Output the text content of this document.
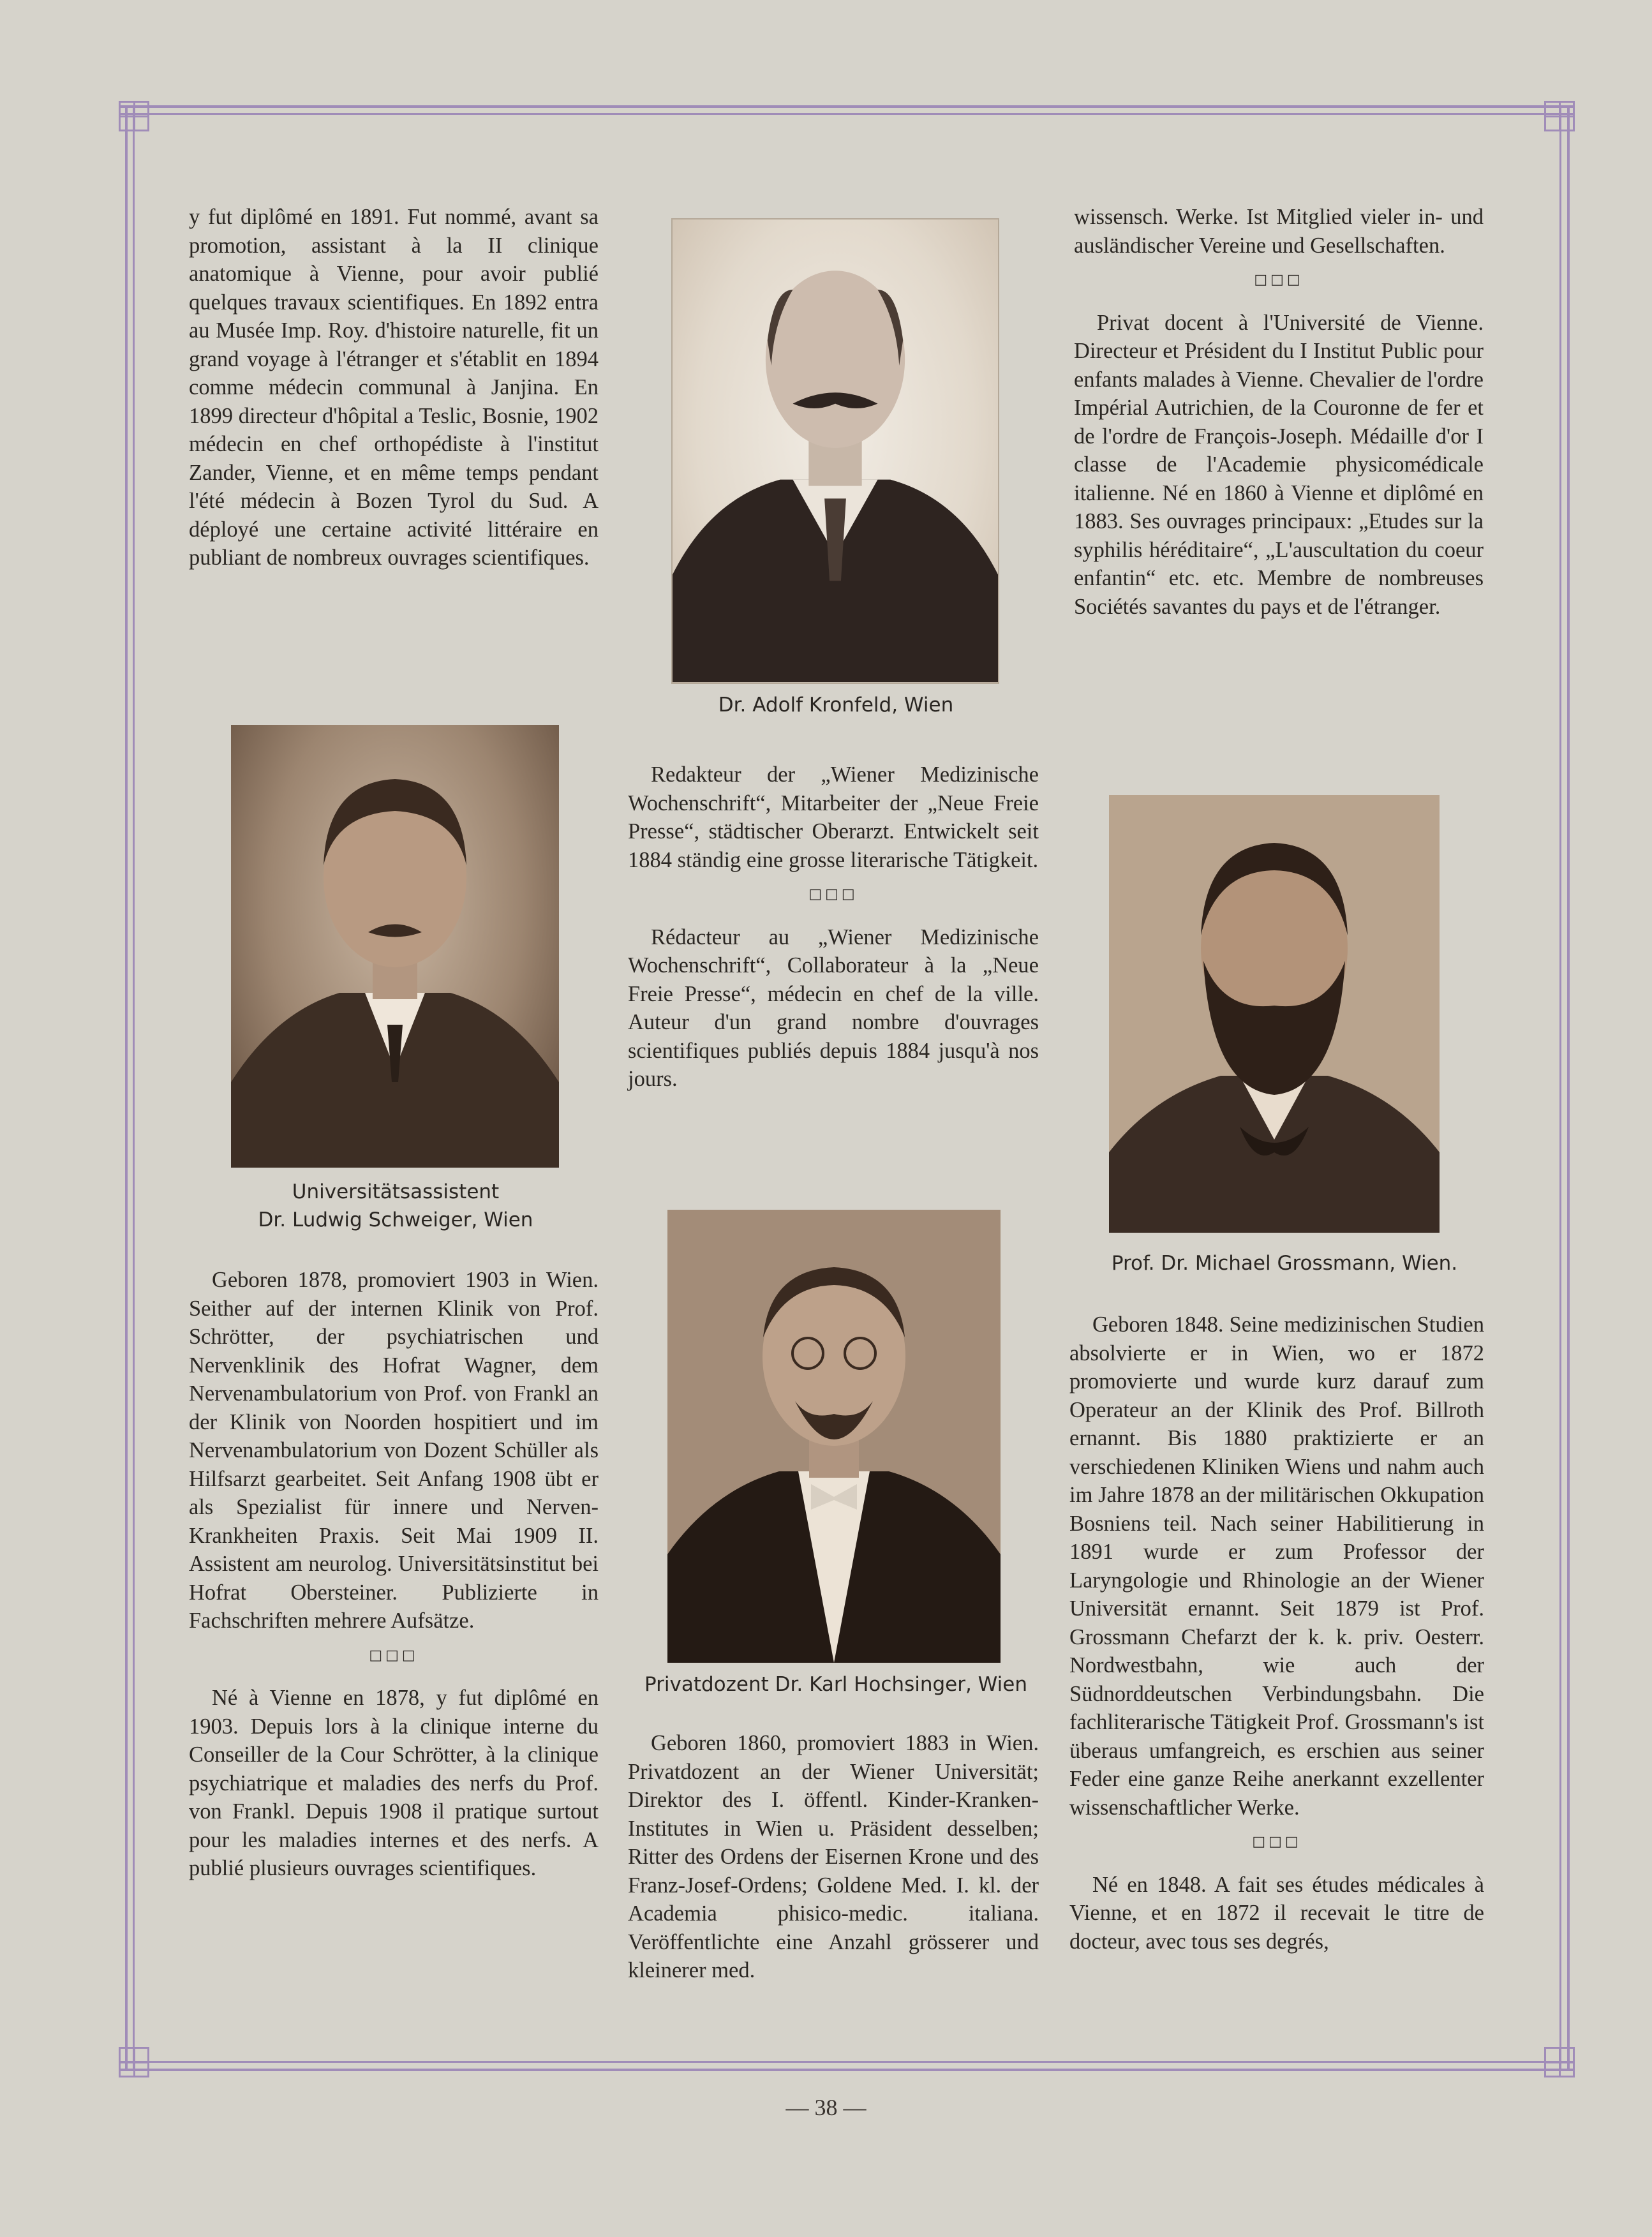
y fut diplômé en 1891. Fut nommé, avant sa promotion, assistant à la II clinique anatomique à Vienne, pour avoir publié quelques travaux scientifiques. En 1892 entra au Musée Imp. Roy. d'histoire naturelle, fit un grand voyage à l'étranger et s'établit en 1894 comme médecin communal à Janjina. En 1899 directeur d'hôpital a Teslic, Bosnie, 1902 médecin en chef orthopédiste à l'institut Zander, Vienne, et en même temps pendant l'été médecin à Bozen Tyrol du Sud. A déployé une certaine activité littéraire en publiant de nombreux ouvrages scientifiques.

Universitätsassistent
Dr. Ludwig Schweiger, Wien

Geboren 1878, promoviert 1903 in Wien. Seither auf der internen Klinik von Prof. Schrötter, der psychiatrischen und Nervenklinik des Hofrat Wagner, dem Nervenambulatorium von Prof. von Frankl an der Klinik von Noorden hospitiert und im Nervenambulatorium von Dozent Schüller als Hilfsarzt gearbeitet. Seit Anfang 1908 übt er als Spezialist für innere und Nerven-Krankheiten Praxis. Seit Mai 1909 II. Assistent am neurolog. Universitätsinstitut bei Hofrat Obersteiner. Publizierte in Fachschriften mehrere Aufsätze.

□□□

Né à Vienne en 1878, y fut diplômé en 1903. Depuis lors à la clinique interne du Conseiller de la Cour Schrötter, à la clinique psychiatrique et maladies des nerfs du Prof. von Frankl. Depuis 1908 il pratique surtout pour les maladies internes et des nerfs. A publié plusieurs ouvrages scientifiques.

Dr. Adolf Kronfeld, Wien

Redakteur der „Wiener Medizinische Wochenschrift“, Mitarbeiter der „Neue Freie Presse“, städtischer Oberarzt. Entwickelt seit 1884 ständig eine grosse literarische Tätigkeit.

□□□

Rédacteur au „Wiener Medizinische Wochenschrift“, Collaborateur à la „Neue Freie Presse“, médecin en chef de la ville. Auteur d'un grand nombre d'ouvrages scientifiques publiés depuis 1884 jusqu'à nos jours.

Privatdozent Dr. Karl Hochsinger, Wien

Geboren 1860, promoviert 1883 in Wien. Privatdozent an der Wiener Universität; Direktor des I. öffentl. Kinder-Kranken-Institutes in Wien u. Präsident desselben; Ritter des Ordens der Eisernen Krone und des Franz-Josef-Ordens; Goldene Med. I. kl. der Academia phisico-medic. italiana. Veröffentlichte eine Anzahl grösserer und kleinerer med.

wissensch. Werke. Ist Mitglied vieler in- und ausländischer Vereine und Gesellschaften.

□□□

Privat docent à l'Université de Vienne. Directeur et Président du I Institut Public pour enfants malades à Vienne. Chevalier de l'ordre Impérial Autrichien, de la Couronne de fer et de l'ordre de François-Joseph. Médaille d'or I classe de l'Academie physicomédicale italienne. Né en 1860 à Vienne et diplômé en 1883. Ses ouvrages principaux: „Etudes sur la syphilis héréditaire“, „L'auscultation du coeur enfantin“ etc. etc. Membre de nombreuses Sociétés savantes du pays et de l'étranger.

Prof. Dr. Michael Grossmann, Wien.

Geboren 1848. Seine medizinischen Studien absolvierte er in Wien, wo er 1872 promovierte und wurde kurz darauf zum Operateur an der Klinik des Prof. Billroth ernannt. Bis 1880 praktizierte er an verschiedenen Kliniken Wiens und nahm auch im Jahre 1878 an der militärischen Okkupation Bosniens teil. Nach seiner Habilitierung in 1891 wurde er zum Professor der Laryngologie und Rhinologie an der Wiener Universität ernannt. Seit 1879 ist Prof. Grossmann Chefarzt der k. k. priv. Oesterr. Nordwestbahn, wie auch der Südnorddeutschen Verbindungsbahn. Die fachliterarische Tätigkeit Prof. Grossmann's ist überaus umfangreich, es erschien aus seiner Feder eine ganze Reihe anerkannt exzellenter wissenschaftlicher Werke.

□□□

Né en 1848. A fait ses études médicales à Vienne, et en 1872 il recevait le titre de docteur, avec tous ses degrés,

— 38 —
